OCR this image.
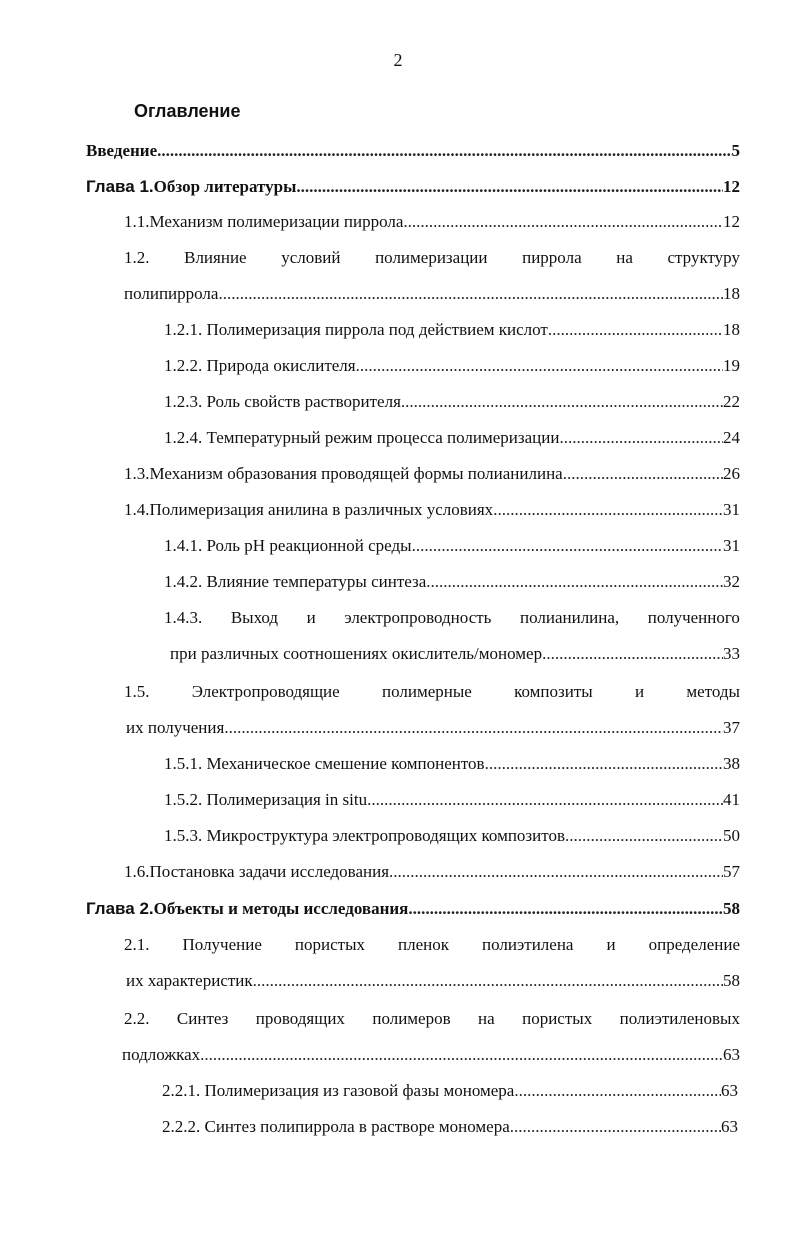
2
Оглавление
Введение .....	5
Глава 1. Обзор литературы .....	12
1.1. Механизм полимеризации пиррола .....	12
1.2. Влияние условий полимеризации пиррола на структуру
полипиррола .....	18
1.2.1. Полимеризация пиррола под действием кислот .....	18
1.2.2. Природа окислителя .....	19
1.2.3. Роль свойств растворителя .....	22
1.2.4. Температурный режим процесса полимеризации .....	24
1.3. Механизм образования проводящей формы полианилина .....	26
1.4. Полимеризация анилина в различных условиях .....	31
1.4.1. Роль pH реакционной среды .....	31
1.4.2. Влияние температуры синтеза .....	32
1.4.3. Выход и электропроводность полианилина, полученного
при различных соотношениях окислитель/мономер .....	33
1.5. Электропроводящие полимерные композиты и методы
их получения .....	37
1.5.1. Механическое смешение компонентов .....	38
1.5.2. Полимеризация in situ .....	41
1.5.3. Микроструктура электропроводящих композитов .....	50
1.6. Постановка задачи исследования .....	57
Глава 2. Объекты и методы исследования .....	58
2.1. Получение пористых пленок полиэтилена и определение
их характеристик .....	58
2.2. Синтез проводящих полимеров на пористых полиэтиленовых
подложках .....	63
2.2.1. Полимеризация из газовой фазы мономера .....	63
2.2.2. Синтез полипиррола в растворе мономера .....	63
